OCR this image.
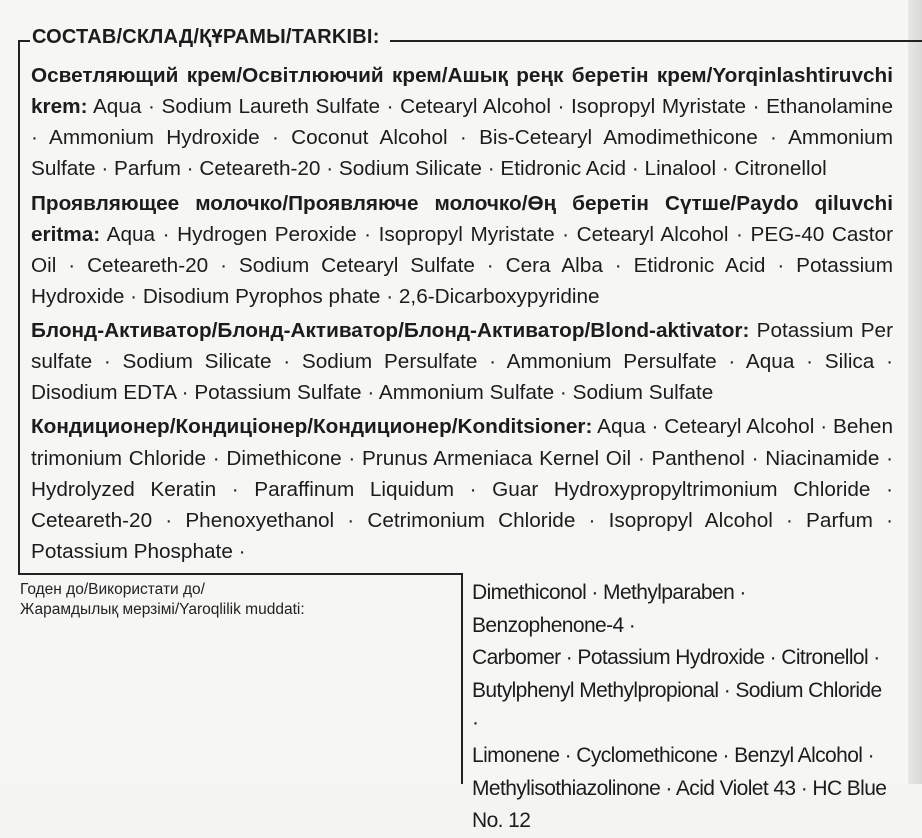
СОСТАВ/СКЛАД/ҚҰРАМЫ/TARKIBI:

Осветляющий крем/Освітлюючий крем/Ашық реңк беретін крем/Yorqinlashtiruvchi krem: Aqua · Sodium Laureth Sulfate · Cetearyl Alcohol · Isopropyl Myristate · Ethanolamine · Ammonium Hydroxide · Coconut Alcohol · Bis-Cetearyl Amodimethicone · Ammonium Sulfate · Parfum · Ceteareth-20 · Sodium Silicate · Etidronic Acid · Linalool · Citronellol

Проявляющее молочко/Проявляюче молочко/Өң беретін Сүтше/Paydo qiluvchi eritma: Aqua · Hydrogen Peroxide · Isopropyl Myristate · Cetearyl Alcohol · PEG-40 Castor Oil · Ceteareth-20 · Sodium Cetearyl Sulfate · Cera Alba · Etidronic Acid · Potassium Hydroxide · Disodium Pyrophos phate · 2,6-Dicarboxypyridine

Блонд-Активатор/Блонд-Активатор/Блонд-Активатор/Blond-aktivator: Potassium Per sulfate · Sodium Silicate · Sodium Persulfate · Ammonium Persulfate · Aqua · Silica · Disodium EDTA · Potassium Sulfate · Ammonium Sulfate · Sodium Sulfate

Кондиционер/Кондиціонер/Кондиционер/Konditsioner: Aqua · Cetearyl Alcohol · Behen trimonium Chloride · Dimethicone · Prunus Armeniaca Kernel Oil · Panthenol · Niacinamide · Hydrolyzed Keratin · Paraffinum Liquidum · Guar Hydroxypropyltrimonium Chloride · Ceteareth-20 · Phenoxyethanol · Cetrimonium Chloride · Isopropyl Alcohol · Parfum · Potassium Phosphate ·

Годен до/Використати до/
Жарамдылық мерзімі/Yaroqlilik muddati:

Dimethiconol · Methylparaben · Benzophenone-4 ·

Carbomer · Potassium Hydroxide · Citronellol ·

Butylphenyl Methylpropional · Sodium Chloride ·

Limonene · Cyclomethicone · Benzyl Alcohol ·

Methylisothiazolinone · Acid Violet 43 · HC Blue

No. 12
